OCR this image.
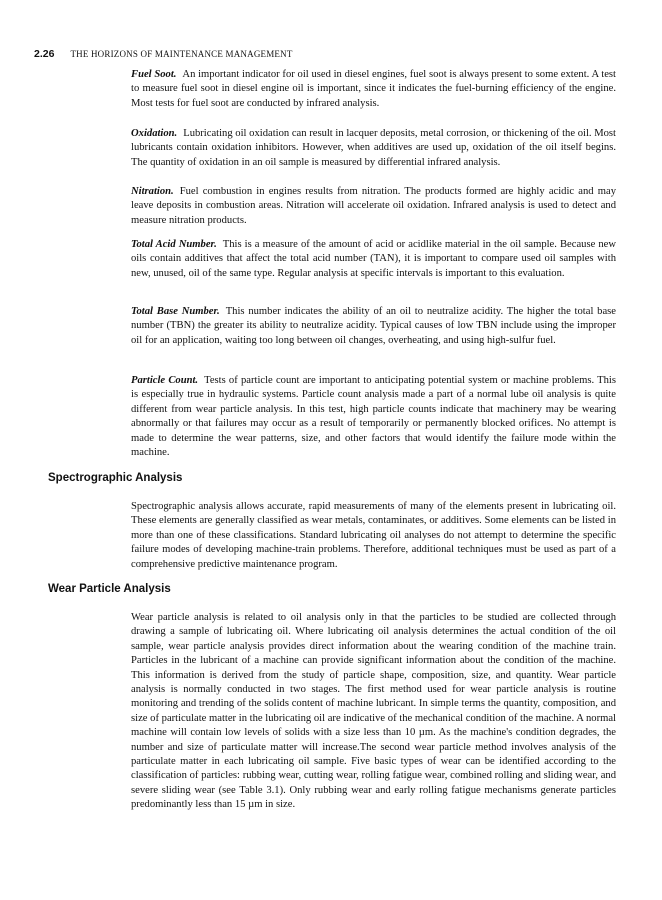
2.26 THE HORIZONS OF MAINTENANCE MANAGEMENT

Fuel Soot. An important indicator for oil used in diesel engines, fuel soot is always present to some extent. A test to measure fuel soot in diesel engine oil is important, since it indicates the fuel-burning efficiency of the engine. Most tests for fuel soot are conducted by infrared analysis.

Oxidation. Lubricating oil oxidation can result in lacquer deposits, metal corrosion, or thickening of the oil. Most lubricants contain oxidation inhibitors. However, when additives are used up, oxidation of the oil itself begins. The quantity of oxidation in an oil sample is measured by differential infrared analysis.

Nitration. Fuel combustion in engines results from nitration. The products formed are highly acidic and may leave deposits in combustion areas. Nitration will accelerate oil oxidation. Infrared analysis is used to detect and measure nitration products.

Total Acid Number. This is a measure of the amount of acid or acidlike material in the oil sample. Because new oils contain additives that affect the total acid number (TAN), it is important to compare used oil samples with new, unused, oil of the same type. Regular analysis at specific intervals is important to this evaluation.

Total Base Number. This number indicates the ability of an oil to neutralize acidity. The higher the total base number (TBN) the greater its ability to neutralize acidity. Typical causes of low TBN include using the improper oil for an application, waiting too long between oil changes, overheating, and using high-sulfur fuel.

Particle Count. Tests of particle count are important to anticipating potential system or machine problems. This is especially true in hydraulic systems. Particle count analysis made a part of a normal lube oil analysis is quite different from wear particle analysis. In this test, high particle counts indicate that machinery may be wearing abnormally or that failures may occur as a result of temporarily or permanently blocked orifices. No attempt is made to determine the wear patterns, size, and other factors that would identify the failure mode within the machine.

Spectrographic Analysis

Spectrographic analysis allows accurate, rapid measurements of many of the elements present in lubricating oil. These elements are generally classified as wear metals, contaminates, or additives. Some elements can be listed in more than one of these classifications. Standard lubricating oil analyses do not attempt to determine the specific failure modes of developing machine-train problems. Therefore, additional techniques must be used as part of a comprehensive predictive maintenance program.

Wear Particle Analysis

Wear particle analysis is related to oil analysis only in that the particles to be studied are collected through drawing a sample of lubricating oil. Where lubricating oil analysis determines the actual condition of the oil sample, wear particle analysis provides direct information about the wearing condition of the machine train. Particles in the lubricant of a machine can provide significant information about the condition of the machine. This information is derived from the study of particle shape, composition, size, and quantity. Wear particle analysis is normally conducted in two stages. The first method used for wear particle analysis is routine monitoring and trending of the solids content of machine lubricant. In simple terms the quantity, composition, and size of particulate matter in the lubricating oil are indicative of the mechanical condition of the machine. A normal machine will contain low levels of solids with a size less than 10 µm. As the machine's condition degrades, the number and size of particulate matter will increase.The second wear particle method involves analysis of the particulate matter in each lubricating oil sample. Five basic types of wear can be identified according to the classification of particles: rubbing wear, cutting wear, rolling fatigue wear, combined rolling and sliding wear, and severe sliding wear (see Table 3.1). Only rubbing wear and early rolling fatigue mechanisms generate particles predominantly less than 15 µm in size.
